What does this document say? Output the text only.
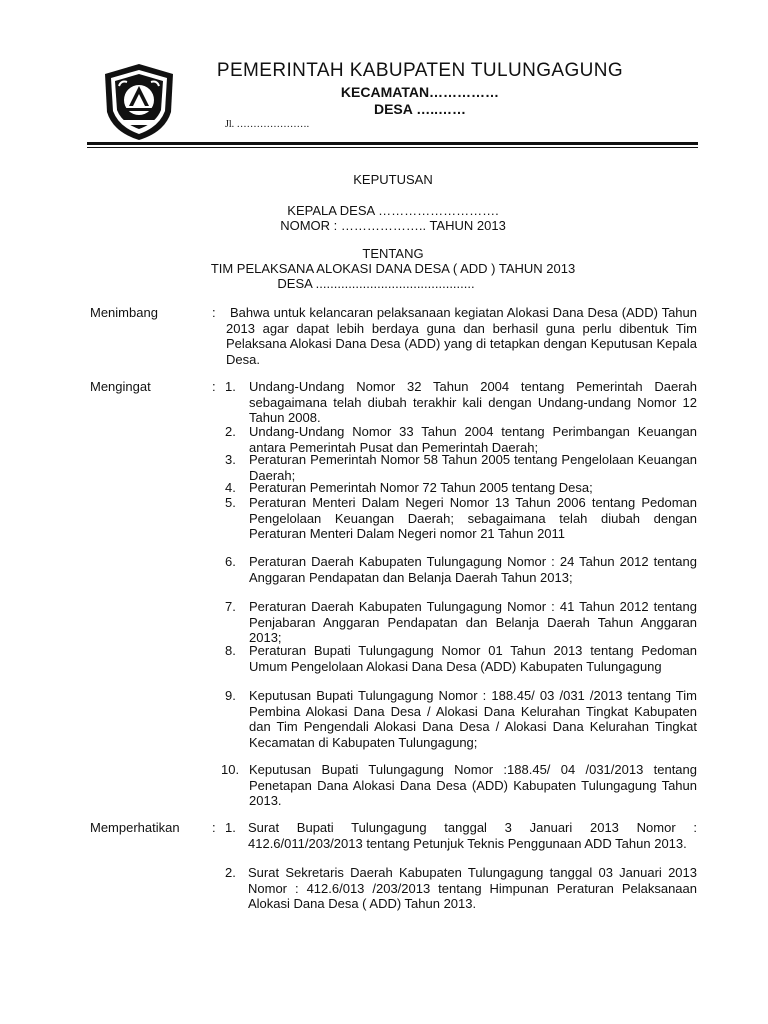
PEMERINTAH KABUPATEN TULUNGAGUNG
KECAMATAN……………
DESA …..……
Jl. ………………….
KEPUTUSAN
KEPALA DESA ……………………….
NOMOR : ……………….. TAHUN 2013
TENTANG
TIM PELAKSANA ALOKASI DANA DESA ( ADD ) TAHUN 2013
DESA ............................................
Menimbang	:	Bahwa untuk kelancaran pelaksanaan kegiatan Alokasi Dana Desa (ADD) Tahun 2013 agar dapat lebih berdaya guna dan berhasil guna perlu dibentuk Tim Pelaksana Alokasi Dana Desa (ADD) yang di tetapkan dengan Keputusan Kepala Desa.
Mengingat	: 1. Undang-Undang Nomor 32 Tahun 2004 tentang Pemerintah Daerah sebagaimana telah diubah terakhir kali dengan Undang-undang Nomor 12 Tahun 2008.
2. Undang-Undang Nomor 33 Tahun 2004 tentang Perimbangan Keuangan antara Pemerintah Pusat dan Pemerintah Daerah;
3. Peraturan Pemerintah Nomor 58 Tahun 2005 tentang Pengelolaan Keuangan Daerah;
4. Peraturan Pemerintah Nomor 72 Tahun 2005 tentang Desa;
5. Peraturan Menteri Dalam Negeri Nomor 13 Tahun 2006 tentang Pedoman Pengelolaan Keuangan Daerah; sebagaimana telah diubah dengan Peraturan Menteri Dalam Negeri nomor 21 Tahun 2011
6. Peraturan Daerah Kabupaten Tulungagung Nomor : 24 Tahun 2012 tentang Anggaran Pendapatan dan Belanja Daerah Tahun 2013;
7. Peraturan Daerah Kabupaten Tulungagung Nomor : 41 Tahun 2012 tentang Penjabaran Anggaran Pendapatan dan Belanja Daerah Tahun Anggaran 2013;
8. Peraturan Bupati Tulungagung Nomor 01 Tahun 2013 tentang Pedoman Umum Pengelolaan Alokasi Dana Desa (ADD) Kabupaten Tulungagung
9. Keputusan Bupati Tulungagung Nomor : 188.45/ 03 /031 /2013 tentang Tim Pembina Alokasi Dana Desa / Alokasi Dana Kelurahan Tingkat Kabupaten dan Tim Pengendali Alokasi Dana Desa / Alokasi Dana Kelurahan Tingkat Kecamatan di Kabupaten Tulungagung;
10. Keputusan Bupati Tulungagung Nomor :188.45/ 04 /031/2013 tentang Penetapan Dana Alokasi Dana Desa (ADD) Kabupaten Tulungagung Tahun 2013.
Memperhatikan : 1. Surat Bupati Tulungagung tanggal 3 Januari 2013 Nomor : 412.6/011/203/2013 tentang Petunjuk Teknis Penggunaan ADD Tahun 2013.
2. Surat Sekretaris Daerah Kabupaten Tulungagung tanggal 03 Januari 2013 Nomor : 412.6/013 /203/2013 tentang Himpunan Peraturan Pelaksanaan Alokasi Dana Desa ( ADD) Tahun 2013.
